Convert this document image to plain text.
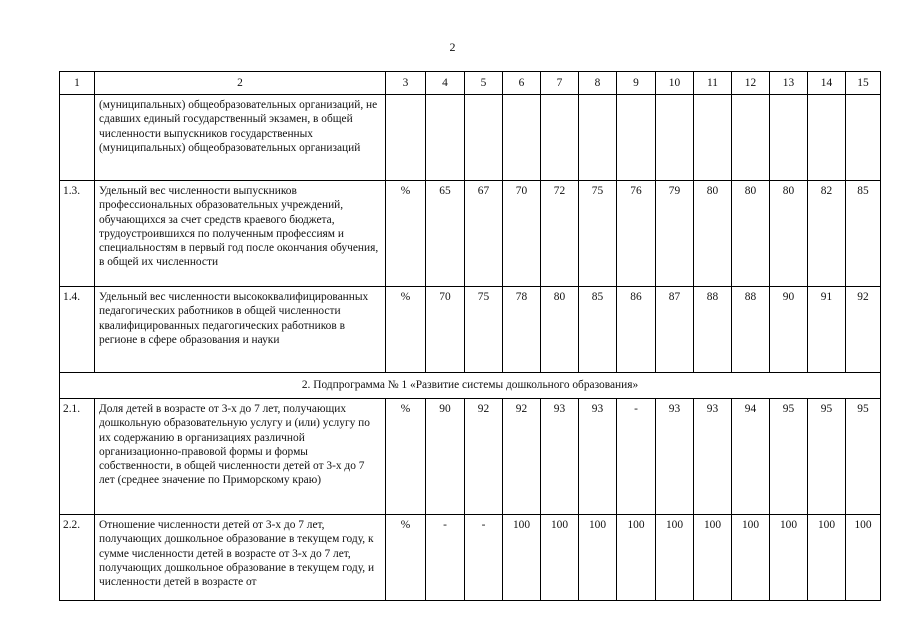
2
1	2	3	4	5	6	7	8	9	10	11	12	13	14	15
	(муниципальных) общеобразовательных организаций, не сдавших единый государственный экзамен, в общей численности выпускников государственных (муниципальных) общеобразовательных организаций													
1.3.	Удельный вес численности выпускников профессиональных образовательных учреждений, обучающихся за счет средств краевого бюджета, трудоустроившихся по полученным профессиям и специальностям в первый год после окончания обучения, в общей их численности	%	65	67	70	72	75	76	79	80	80	80	82	85
1.4.	Удельный вес численности высококвалифицированных педагогических работников в общей численности квалифицированных педагогических работников в регионе в сфере образования и науки	%	70	75	78	80	85	86	87	88	88	90	91	92
2. Подпрограмма № 1 «Развитие системы дошкольного образования»														
2.1.	Доля детей в возрасте от 3-х до 7 лет, получающих дошкольную образовательную услугу и (или) услугу по их содержанию в организациях различной организационно-правовой формы и формы собственности, в общей численности детей от 3-х до 7 лет (среднее значение по Приморскому краю)	%	90	92	92	93	93	-	93	93	94	95	95	95
2.2.	Отношение численности детей от 3-х до 7 лет, получающих дошкольное образование в текущем году, к сумме численности детей в возрасте от 3-х до 7 лет, получающих дошкольное образование в текущем году, и численности детей в возрасте от	%	-	-	100	100	100	100	100	100	100	100	100	100
